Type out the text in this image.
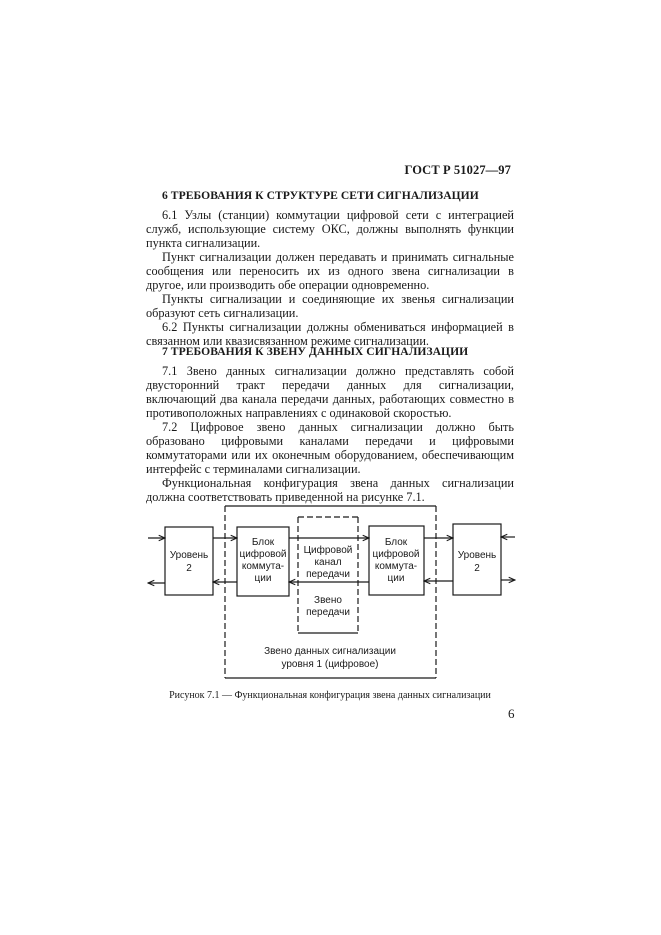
ГОСТ Р 51027—97
6 ТРЕБОВАНИЯ К СТРУКТУРЕ СЕТИ СИГНАЛИЗАЦИИ

6.1 Узлы (станции) коммутации цифровой сети с интеграцией служб, использующие систему ОКС, должны выполнять функции пункта сигнализации.

Пункт сигнализации должен передавать и принимать сигнальные сообщения или переносить их из одного звена сигнализации в другое, или производить обе операции одновременно.

Пункты сигнализации и соединяющие их звенья сигнализации образуют сеть сигнализации.

6.2 Пункты сигнализации должны обмениваться информацией в связанном или квазисвязанном режиме сигнализации.

7 ТРЕБОВАНИЯ К ЗВЕНУ ДАННЫХ СИГНАЛИЗАЦИИ

7.1 Звено данных сигнализации должно представлять собой двусторонний тракт передачи данных для сигнализации, включающий два канала передачи данных, работающих совместно в противоположных направлениях с одинаковой скоростью.

7.2 Цифровое звено данных сигнализации должно быть образовано цифровыми каналами передачи и цифровыми коммутаторами или их оконечным оборудованием, обеспечивающим интерфейс с терминалами сигнализации.

Функциональная конфигурация звена данных сигнализации должна соответствовать приведенной на рисунке 7.1.

Уровень
2
Блок
цифровой
коммута-
ции
Цифровой
канал
передачи
Звено
передачи
Блок
цифровой
коммута-
ции
Уровень
2
Звено данных сигнализации
уровня 1 (цифровое)
Рисунок 7.1 — Функциональная конфигурация звена данных сигнализации
6
